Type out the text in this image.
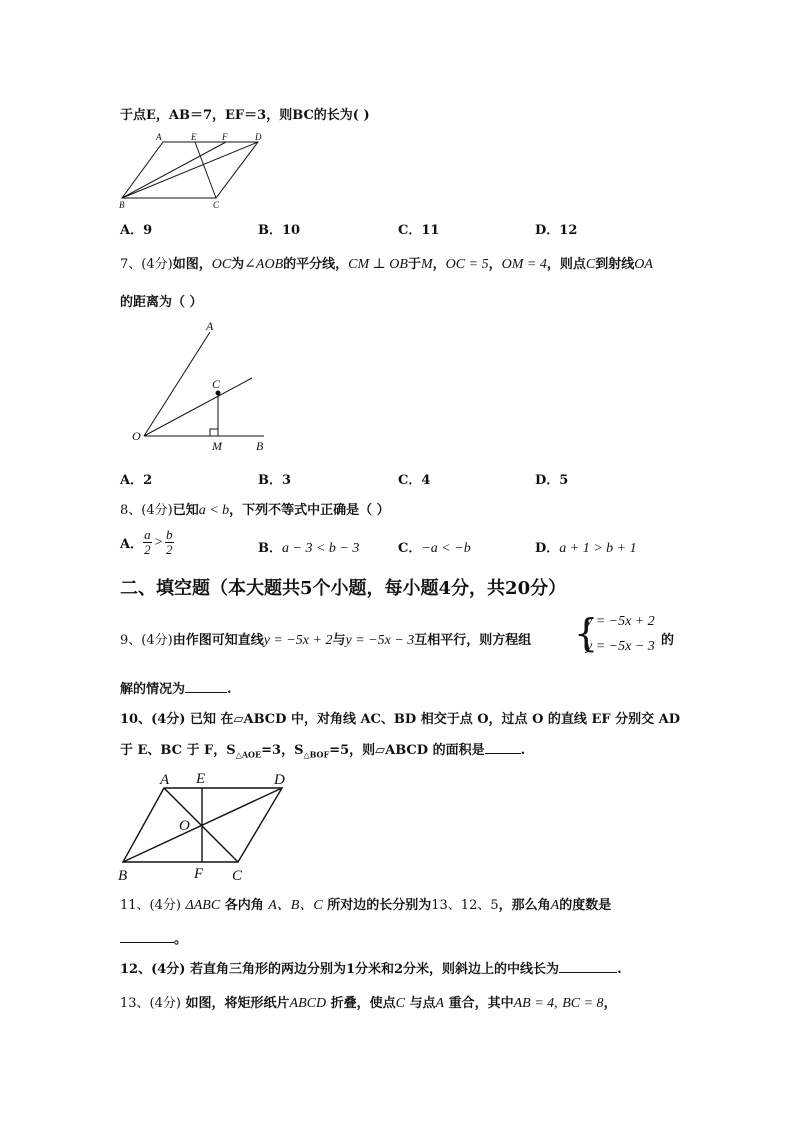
于点E，AB＝7，EF＝3，则BC的长为( )
A	E	F	D
B	C
A．9	B．10	C．11	D．12
7、(4分)如图，OC为∠AOB的平分线，CM ⊥ OB于M，OC = 5，OM = 4，则点C到射线OA
的距离为（ ）
A
C
O
M	B
A．2	B．3	C．4	D．5
8、(4分)已知a < b，下列不等式中正确是（ ）
A． $\frac{a}{2} > \frac{b}{2}$	B．a − 3 < b − 3	C．−a < −b	D．a + 1 > b + 1
二、填空题（本大题共5个小题，每小题4分，共20分）
9、(4分)由作图可知直线y = −5x + 2与y = −5x − 3互相平行，则方程组 {
y = −5x + 2
y = −5x − 3 的
解的情况为	.
10、(4分) 已知 在▱ABCD 中，对角线 AC、BD 相交于点 O，过点 O 的直线 EF 分别交 AD
于 E、BC 于 F，$S_{\triangle AOE}=3$，$S_{\triangle BOF}=5$，则▱ABCD 的面积是	.
A E	D
O
B	F C
11、(4分) ΔABC 各内角 A、B、C 所对边的长分别为13、12、5，那么角A的度数是
。
12、(4分) 若直角三角形的两边分别为1分米和2分米，则斜边上的中线长为	.
13、(4分) 如图，将矩形纸片ABCD 折叠，使点C 与点A 重合，其中AB = 4, BC = 8，
